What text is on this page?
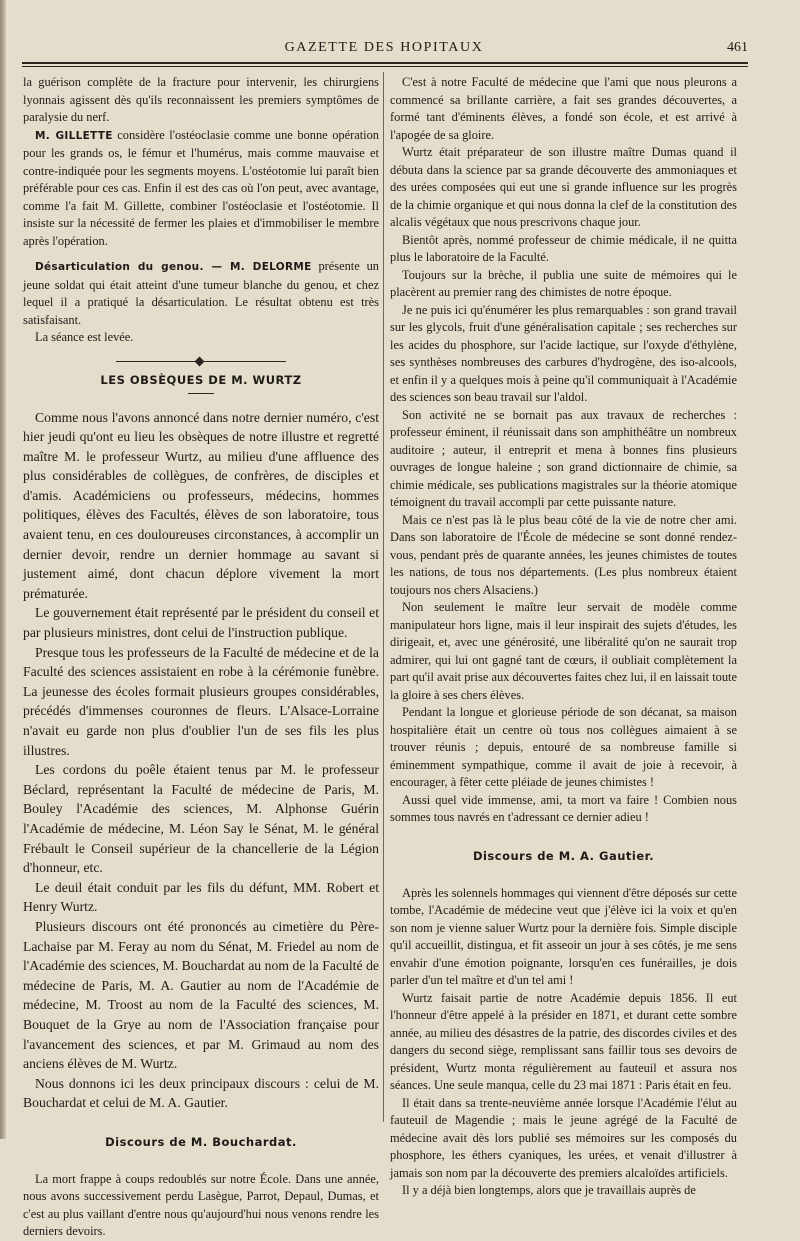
GAZETTE DES HOPITAUX	461

la guérison complète de la fracture pour intervenir, les chirurgiens lyonnais agissent dès qu'ils reconnaissent les premiers symptômes de paralysie du nerf.

M. GILLETTE considère l'ostéoclasie comme une bonne opération pour les grands os, le fémur et l'humérus, mais comme mauvaise et contre-indiquée pour les segments moyens. L'ostéotomie lui paraît bien préférable pour ces cas. Enfin il est des cas où l'on peut, avec avantage, comme l'a fait M. Gillette, combiner l'ostéoclasie et l'ostéotomie. Il insiste sur la nécessité de fermer les plaies et d'immobiliser le membre après l'opération.

Désarticulation du genou. — M. DELORME présente un jeune soldat qui était atteint d'une tumeur blanche du genou, et chez lequel il a pratiqué la désarticulation. Le résultat obtenu est très satisfaisant.

La séance est levée.

LES OBSÈQUES DE M. WURTZ

Comme nous l'avons annoncé dans notre dernier numéro, c'est hier jeudi qu'ont eu lieu les obsèques de notre illustre et regretté maître M. le professeur Wurtz, au milieu d'une affluence des plus considérables de collègues, de confrères, de disciples et d'amis. Académiciens ou professeurs, médecins, hommes politiques, élèves des Facultés, élèves de son laboratoire, tous avaient tenu, en ces douloureuses circonstances, à accomplir un dernier devoir, rendre un dernier hommage au savant si justement aimé, dont chacun déplore vivement la mort prématurée.

Le gouvernement était représenté par le président du conseil et par plusieurs ministres, dont celui de l'instruction publique.

Presque tous les professeurs de la Faculté de médecine et de la Faculté des sciences assistaient en robe à la cérémonie funèbre. La jeunesse des écoles formait plusieurs groupes considérables, précédés d'immenses couronnes de fleurs. L'Alsace-Lorraine n'avait eu garde non plus d'oublier l'un de ses fils les plus illustres.

Les cordons du poêle étaient tenus par M. le professeur Béclard, représentant la Faculté de médecine de Paris, M. Bouley l'Académie des sciences, M. Alphonse Guérin l'Académie de médecine, M. Léon Say le Sénat, M. le général Frébault le Conseil supérieur de la chancellerie de la Légion d'honneur, etc.

Le deuil était conduit par les fils du défunt, MM. Robert et Henry Wurtz.

Plusieurs discours ont été prononcés au cimetière du Père-Lachaise par M. Feray au nom du Sénat, M. Friedel au nom de l'Académie des sciences, M. Bouchardat au nom de la Faculté de médecine de Paris, M. A. Gautier au nom de l'Académie de médecine, M. Troost au nom de la Faculté des sciences, M. Bouquet de la Grye au nom de l'Association française pour l'avancement des sciences, et par M. Grimaud au nom des anciens élèves de M. Wurtz.

Nous donnons ici les deux principaux discours : celui de M. Bouchardat et celui de M. A. Gautier.

Discours de M. Bouchardat.

La mort frappe à coups redoublés sur notre École. Dans une année, nous avons successivement perdu Lasègue, Parrot, Depaul, Dumas, et c'est au plus vaillant d'entre nous qu'aujourd'hui nous venons rendre les derniers devoirs.

C'est à notre Faculté de médecine que l'ami que nous pleurons a commencé sa brillante carrière, a fait ses grandes découvertes, a formé tant d'éminents élèves, a fondé son école, et est arrivé à l'apogée de sa gloire.

Wurtz était préparateur de son illustre maître Dumas quand il débuta dans la science par sa grande découverte des ammoniaques et des urées composées qui eut une si grande influence sur les progrès de la chimie organique et qui nous donna la clef de la constitution des alcalis végétaux que nous prescrivons chaque jour.

Bientôt après, nommé professeur de chimie médicale, il ne quitta plus le laboratoire de la Faculté.

Toujours sur la brèche, il publia une suite de mémoires qui le placèrent au premier rang des chimistes de notre époque.

Je ne puis ici qu'énumérer les plus remarquables : son grand travail sur les glycols, fruit d'une généralisation capitale ; ses recherches sur les acides du phosphore, sur l'acide lactique, sur l'oxyde d'éthylène, ses synthèses nombreuses des carbures d'hydrogène, des iso-alcools, et enfin il y a quelques mois à peine qu'il communiquait à l'Académie des sciences son beau travail sur l'aldol.

Son activité ne se bornait pas aux travaux de recherches : professeur éminent, il réunissait dans son amphithéâtre un nombreux auditoire ; auteur, il entreprit et mena à bonnes fins plusieurs ouvrages de longue haleine ; son grand dictionnaire de chimie, sa chimie médicale, ses publications magistrales sur la théorie atomique témoignent du travail accompli par cette puissante nature.

Mais ce n'est pas là le plus beau côté de la vie de notre cher ami. Dans son laboratoire de l'École de médecine se sont donné rendez-vous, pendant près de quarante années, les jeunes chimistes de toutes les nations, de tous nos départements. (Les plus nombreux étaient toujours nos chers Alsaciens.)

Non seulement le maître leur servait de modèle comme manipulateur hors ligne, mais il leur inspirait des sujets d'études, les dirigeait, et, avec une générosité, une libéralité qu'on ne saurait trop admirer, qui lui ont gagné tant de cœurs, il oubliait complètement la part qu'il avait prise aux découvertes faites chez lui, il en laissait toute la gloire à ses chers élèves.

Pendant la longue et glorieuse période de son décanat, sa maison hospitalière était un centre où tous nos collègues aimaient à se trouver réunis ; depuis, entouré de sa nombreuse famille si éminemment sympathique, comme il avait de joie à recevoir, à encourager, à fêter cette pléiade de jeunes chimistes !

Aussi quel vide immense, ami, ta mort va faire ! Combien nous sommes tous navrés en t'adressant ce dernier adieu !

Discours de M. A. Gautier.

Après les solennels hommages qui viennent d'être déposés sur cette tombe, l'Académie de médecine veut que j'élève ici la voix et qu'en son nom je vienne saluer Wurtz pour la dernière fois. Simple disciple qu'il accueillit, distingua, et fit asseoir un jour à ses côtés, je me sens envahir d'une émotion poignante, lorsqu'en ces funérailles, je dois parler d'un tel maître et d'un tel ami !

Wurtz faisait partie de notre Académie depuis 1856. Il eut l'honneur d'être appelé à la présider en 1871, et durant cette sombre année, au milieu des désastres de la patrie, des discordes civiles et des dangers du second siège, remplissant sans faillir tous ses devoirs de président, Wurtz monta régulièrement au fauteuil et assura nos séances. Une seule manqua, celle du 23 mai 1871 : Paris était en feu.

Il était dans sa trente-neuvième année lorsque l'Académie l'élut au fauteuil de Magendie ; mais le jeune agrégé de la Faculté de médecine avait dès lors publié ses mémoires sur les composés du phosphore, les éthers cyaniques, les urées, et venait d'illustrer à jamais son nom par la découverte des premiers alcaloïdes artificiels.

Il y a déjà bien longtemps, alors que je travaillais auprès de
